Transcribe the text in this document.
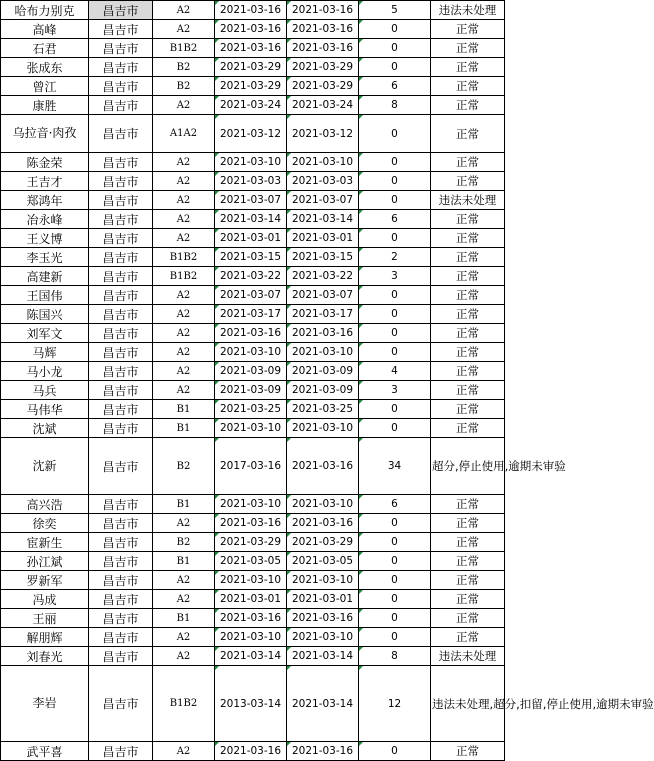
哈布力别克	昌吉市	A2	2021-03-16	2021-03-16	5	违法未处理
高峰	昌吉市	A2	2021-03-16	2021-03-16	0	正常
石君	昌吉市	B1B2	2021-03-16	2021-03-16	0	正常
张成东	昌吉市	B2	2021-03-29	2021-03-29	0	正常
曾江	昌吉市	B2	2021-03-29	2021-03-29	6	正常
康胜	昌吉市	A2	2021-03-24	2021-03-24	8	正常
乌拉音·肉孜	昌吉市	A1A2	2021-03-12	2021-03-12	0	正常
陈金荣	昌吉市	A2	2021-03-10	2021-03-10	0	正常
王吉才	昌吉市	A2	2021-03-03	2021-03-03	0	正常
郑鸿年	昌吉市	A2	2021-03-07	2021-03-07	0	违法未处理
冶永峰	昌吉市	A2	2021-03-14	2021-03-14	6	正常
王义博	昌吉市	A2	2021-03-01	2021-03-01	0	正常
李玉光	昌吉市	B1B2	2021-03-15	2021-03-15	2	正常
高建新	昌吉市	B1B2	2021-03-22	2021-03-22	3	正常
王国伟	昌吉市	A2	2021-03-07	2021-03-07	0	正常
陈国兴	昌吉市	A2	2021-03-17	2021-03-17	0	正常
刘军文	昌吉市	A2	2021-03-16	2021-03-16	0	正常
马辉	昌吉市	A2	2021-03-10	2021-03-10	0	正常
马小龙	昌吉市	A2	2021-03-09	2021-03-09	4	正常
马兵	昌吉市	A2	2021-03-09	2021-03-09	3	正常
马伟华	昌吉市	B1	2021-03-25	2021-03-25	0	正常
沈斌	昌吉市	B1	2021-03-10	2021-03-10	0	正常
沈新	昌吉市	B2	2017-03-16	2021-03-16	34	超分,停止使用,逾期未审验
高兴浩	昌吉市	B1	2021-03-10	2021-03-10	6	正常
徐奕	昌吉市	A2	2021-03-16	2021-03-16	0	正常
宦新生	昌吉市	B2	2021-03-29	2021-03-29	0	正常
孙江斌	昌吉市	B1	2021-03-05	2021-03-05	0	正常
罗新军	昌吉市	A2	2021-03-10	2021-03-10	0	正常
冯成	昌吉市	A2	2021-03-01	2021-03-01	0	正常
王丽	昌吉市	B1	2021-03-16	2021-03-16	0	正常
解朋辉	昌吉市	A2	2021-03-10	2021-03-10	0	正常
刘春光	昌吉市	A2	2021-03-14	2021-03-14	8	违法未处理
李岩	昌吉市	B1B2	2013-03-14	2021-03-14	12	违法未处理,超分,扣留,停止使用,逾期未审验
武平喜	昌吉市	A2	2021-03-16	2021-03-16	0	正常
